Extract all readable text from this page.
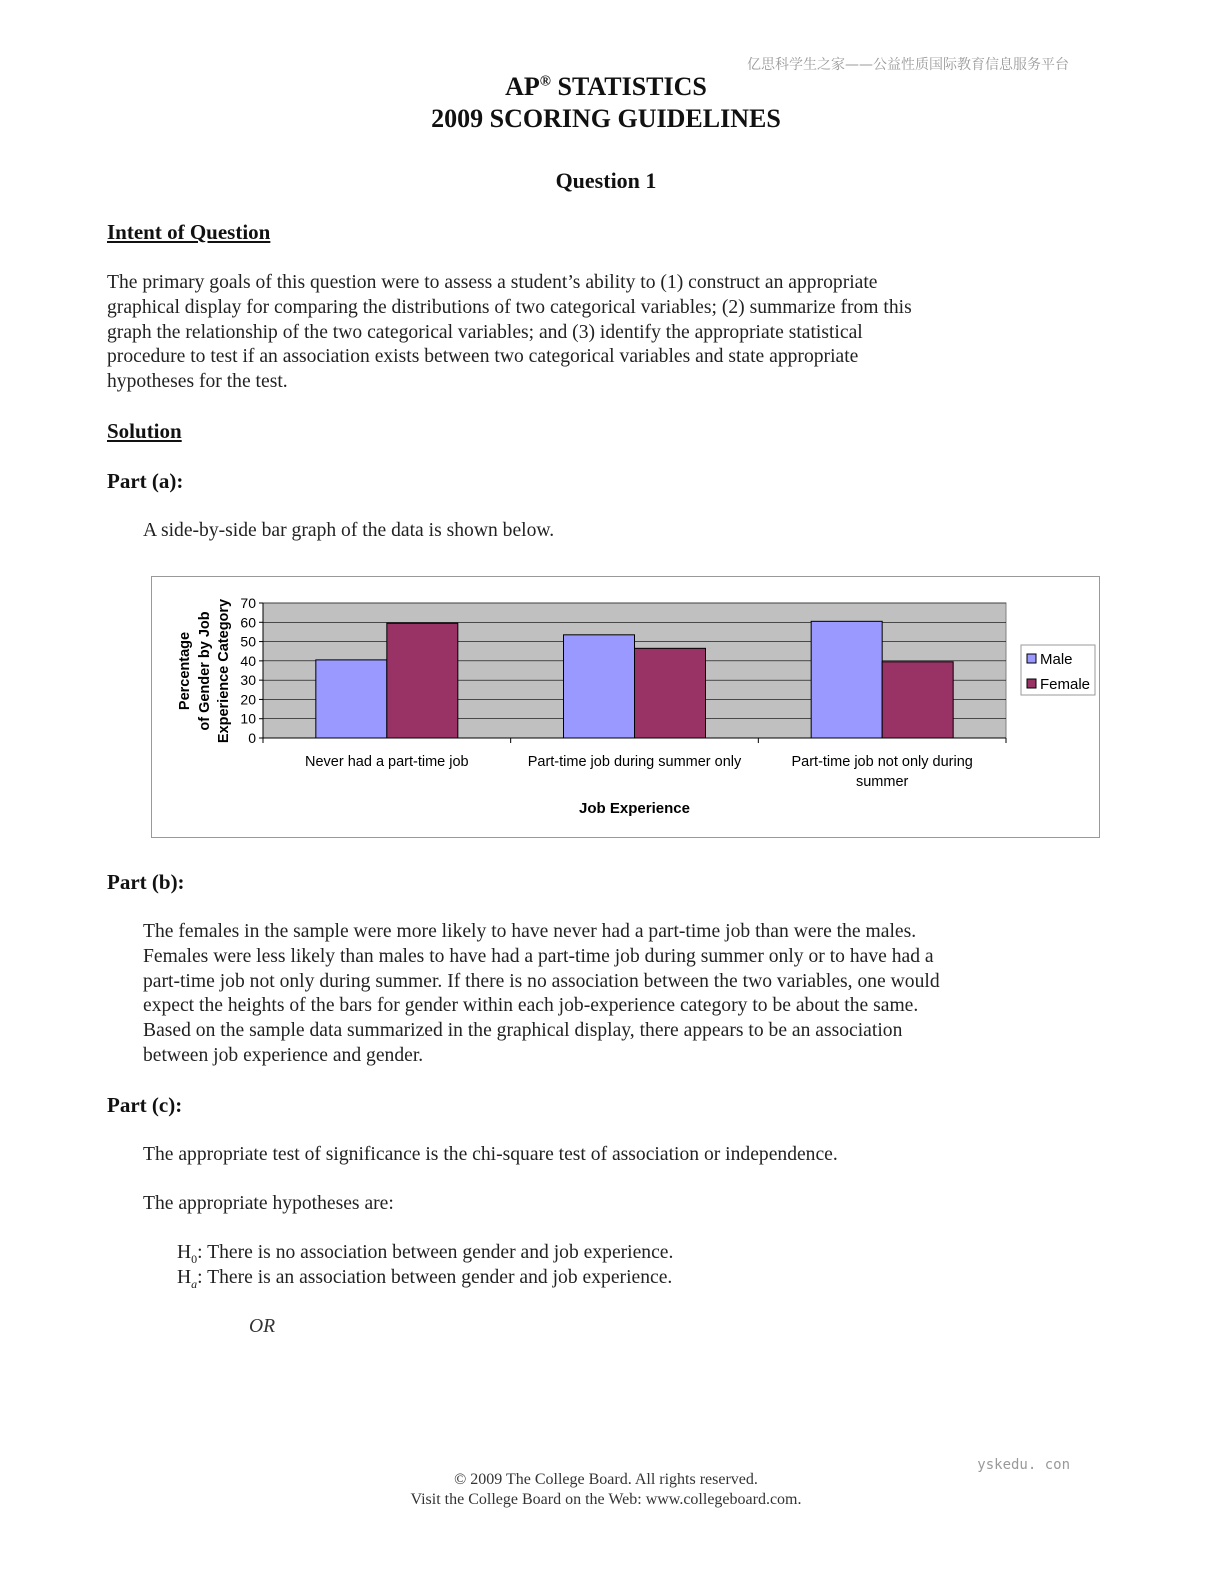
亿思科学生之家——公益性质国际教育信息服务平台
AP® STATISTICS
2009 SCORING GUIDELINES
Question 1
Intent of Question
The primary goals of this question were to assess a student’s ability to (1) construct an appropriate
graphical display for comparing the distributions of two categorical variables; (2) summarize from this
graph the relationship of the two categorical variables; and (3) identify the appropriate statistical
procedure to test if an association exists between two categorical variables and state appropriate
hypotheses for the test.
Solution
Part (a):
A side-by-side bar graph of the data is shown below.
0
10
20
30
40
50
60
70
Never had a part-time job	Part-time job during summer only	Part-time job not only during
summer
Job Experience
Percentage of Gender by Job Experience Category	Male
Female
Part (b):
The females in the sample were more likely to have never had a part-time job than were the males.
Females were less likely than males to have had a part-time job during summer only or to have had a
part-time job not only during summer. If there is no association between the two variables, one would
expect the heights of the bars for gender within each job-experience category to be about the same.
Based on the sample data summarized in the graphical display, there appears to be an association
between job experience and gender.
Part (c):
The appropriate test of significance is the chi-square test of association or independence.
The appropriate hypotheses are:
$H_0$: There is no association between gender and job experience.
$H_a$: There is an association between gender and job experience.
OR
yskedu. con
© 2009 The College Board. All rights reserved.
Visit the College Board on the Web: www.collegeboard.com.
